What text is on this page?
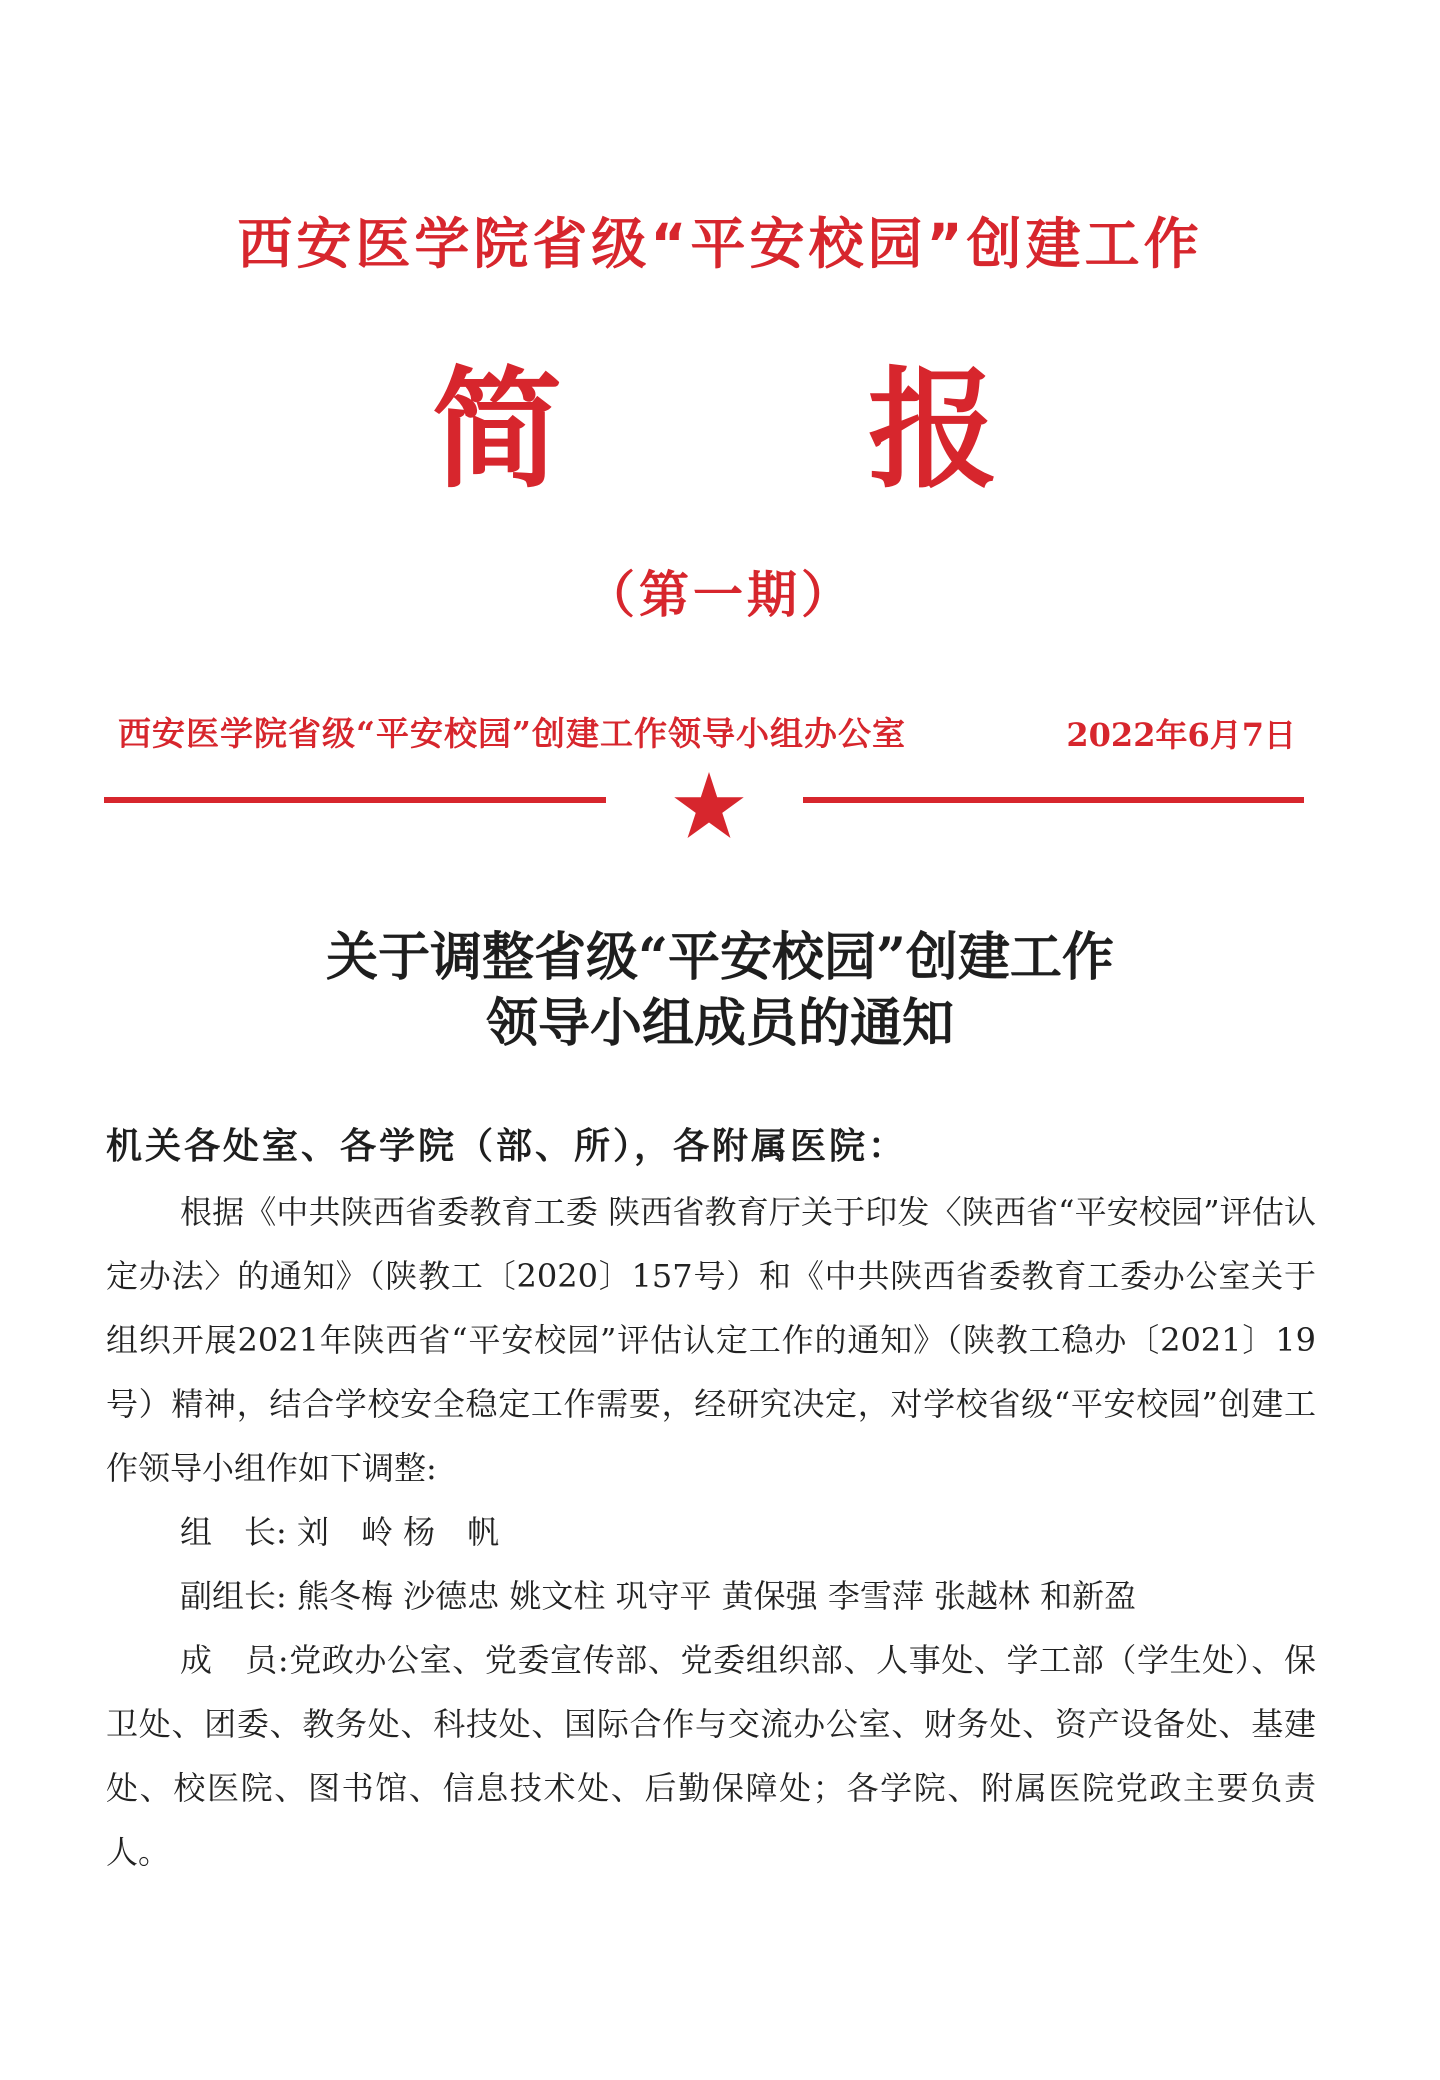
西安医学院省级“平安校园”创建工作
简 报
（第一期）
西安医学院省级“平安校园”创建工作领导小组办公室	2022年6月7日
关于调整省级“平安校园”创建工作
领导小组成员的通知
机关各处室、各学院（部、所），各附属医院：

根据《中共陕西省委教育工委 陕西省教育厅关于印发〈陕西省“平安校园”评估认定办法〉的通知》（陕教工〔2020〕157号）和《中共陕西省委教育工委办公室关于组织开展2021年陕西省“平安校园”评估认定工作的通知》（陕教工稳办〔2021〕19号）精神，结合学校安全稳定工作需要，经研究决定，对学校省级“平安校园”创建工作领导小组作如下调整:

组　长: 刘　岭 杨　帆
副组长: 熊冬梅 沙德忠 姚文柱 巩守平 黄保强 李雪萍 张越林 和新盈
成　员:党政办公室、党委宣传部、党委组织部、人事处、学工部（学生处）、保卫处、团委、教务处、科技处、国际合作与交流办公室、财务处、资产设备处、基建处、校医院、图书馆、信息技术处、后勤保障处；各学院、附属医院党政主要负责人。
